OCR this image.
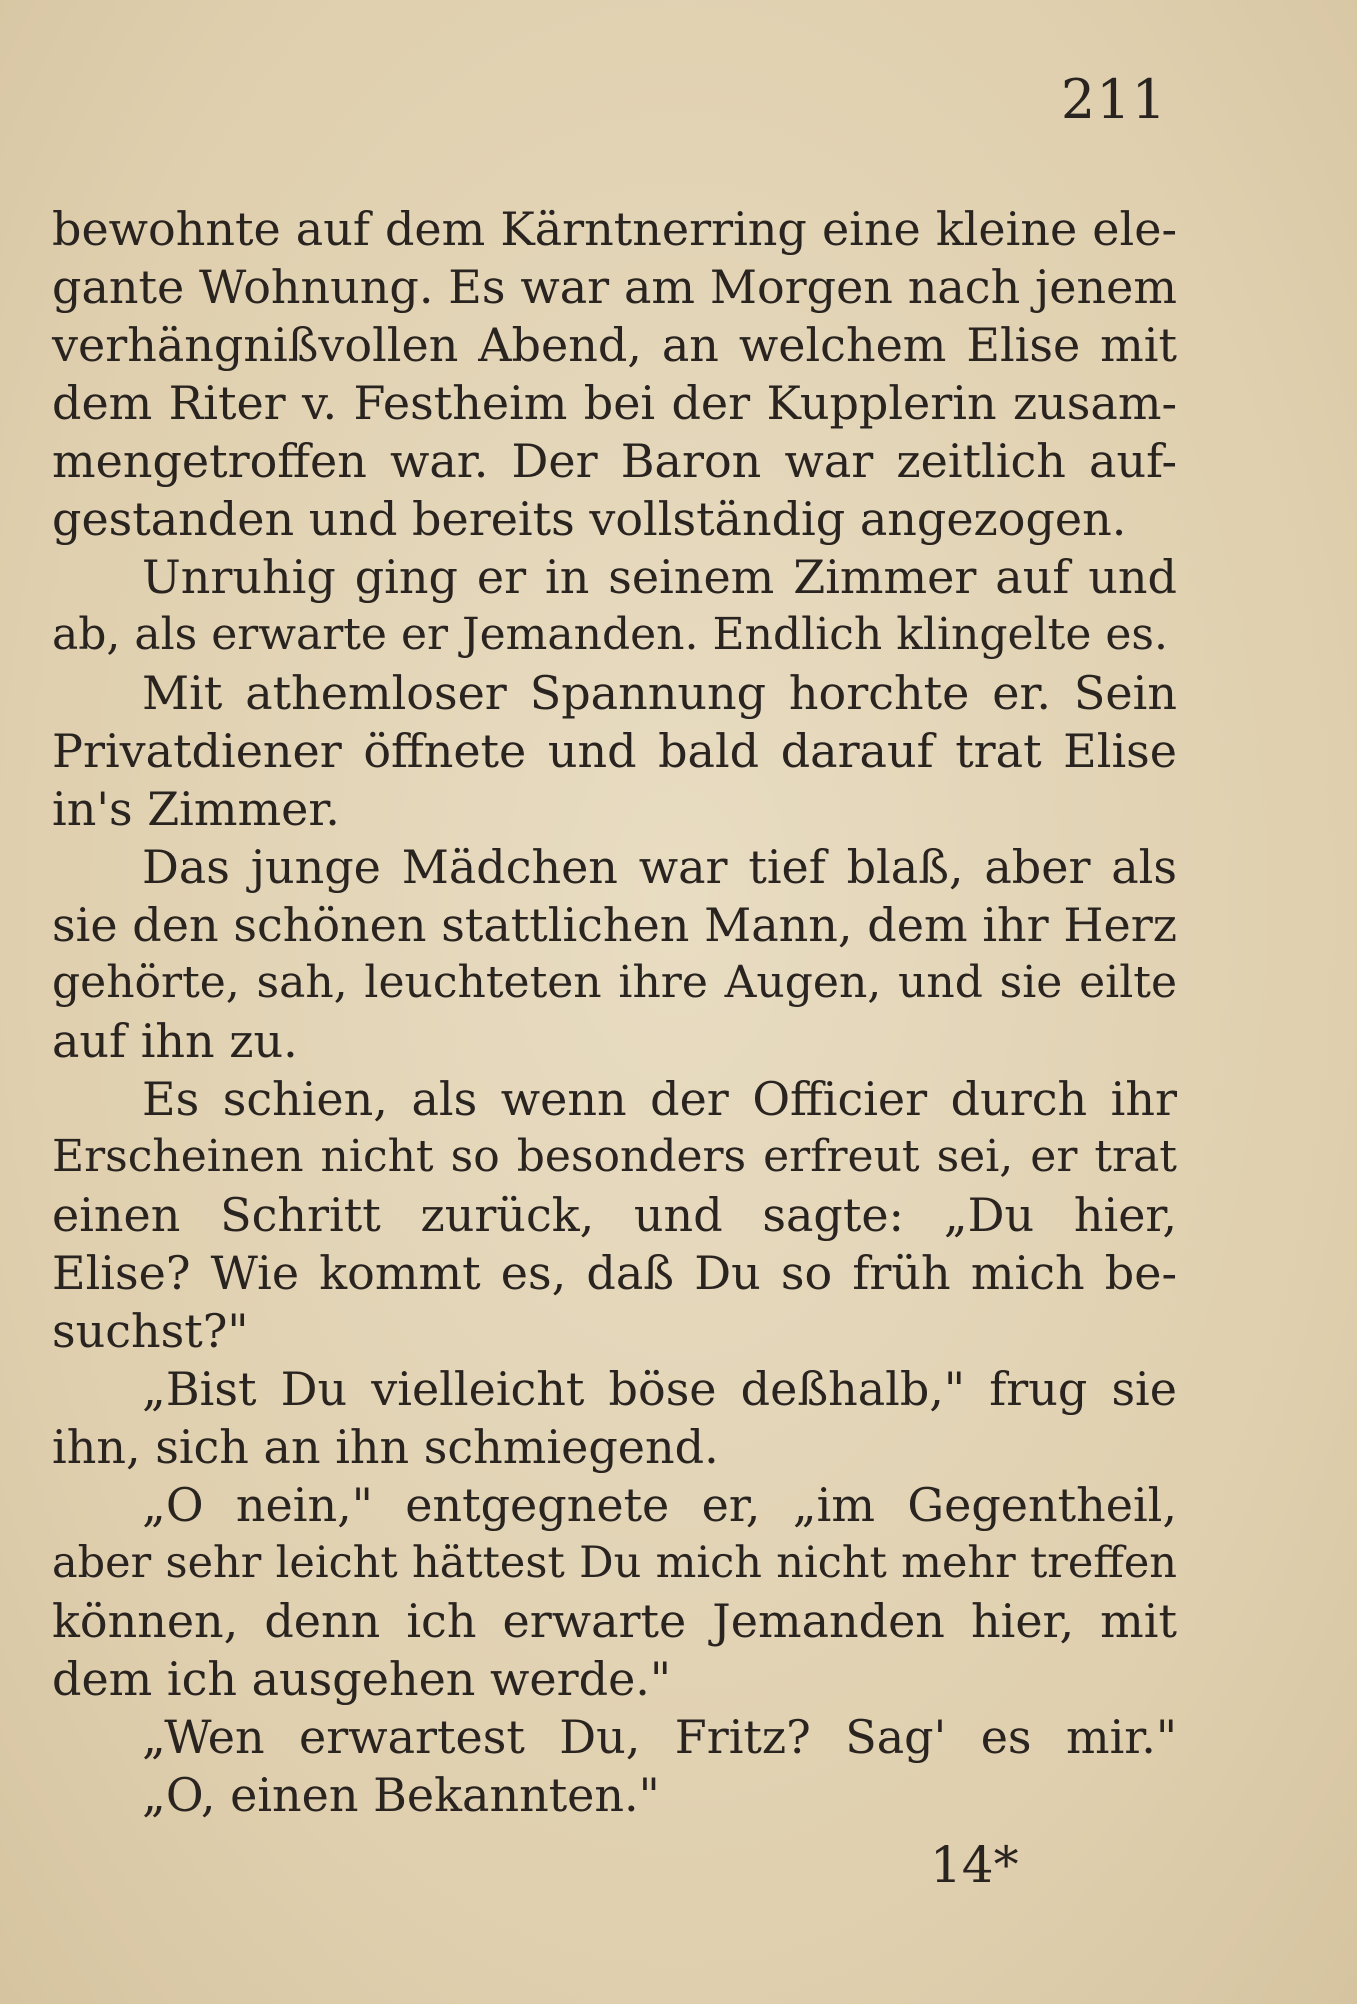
211
bewohnte auf dem Kärntnerring eine kleine ele-
gante Wohnung. Es war am Morgen nach jenem
verhängnißvollen Abend, an welchem Elise mit
dem Riter v. Festheim bei der Kupplerin zusam-
mengetroffen war. Der Baron war zeitlich auf-
gestanden und bereits vollständig angezogen.
Unruhig ging er in seinem Zimmer auf und
ab, als erwarte er Jemanden. Endlich klingelte es.
Mit athemloser Spannung horchte er. Sein
Privatdiener öffnete und bald darauf trat Elise
in's Zimmer.
Das junge Mädchen war tief blaß, aber als
sie den schönen stattlichen Mann, dem ihr Herz
gehörte, sah, leuchteten ihre Augen, und sie eilte
auf ihn zu.
Es schien, als wenn der Officier durch ihr
Erscheinen nicht so besonders erfreut sei, er trat
einen Schritt zurück, und sagte: „Du hier,
Elise? Wie kommt es, daß Du so früh mich be-
suchst?"
„Bist Du vielleicht böse deßhalb," frug sie
ihn, sich an ihn schmiegend.
„O nein," entgegnete er, „im Gegentheil,
aber sehr leicht hättest Du mich nicht mehr treffen
können, denn ich erwarte Jemanden hier, mit
dem ich ausgehen werde."
„Wen erwartest Du, Fritz? Sag' es mir."
„O, einen Bekannten."
14*
